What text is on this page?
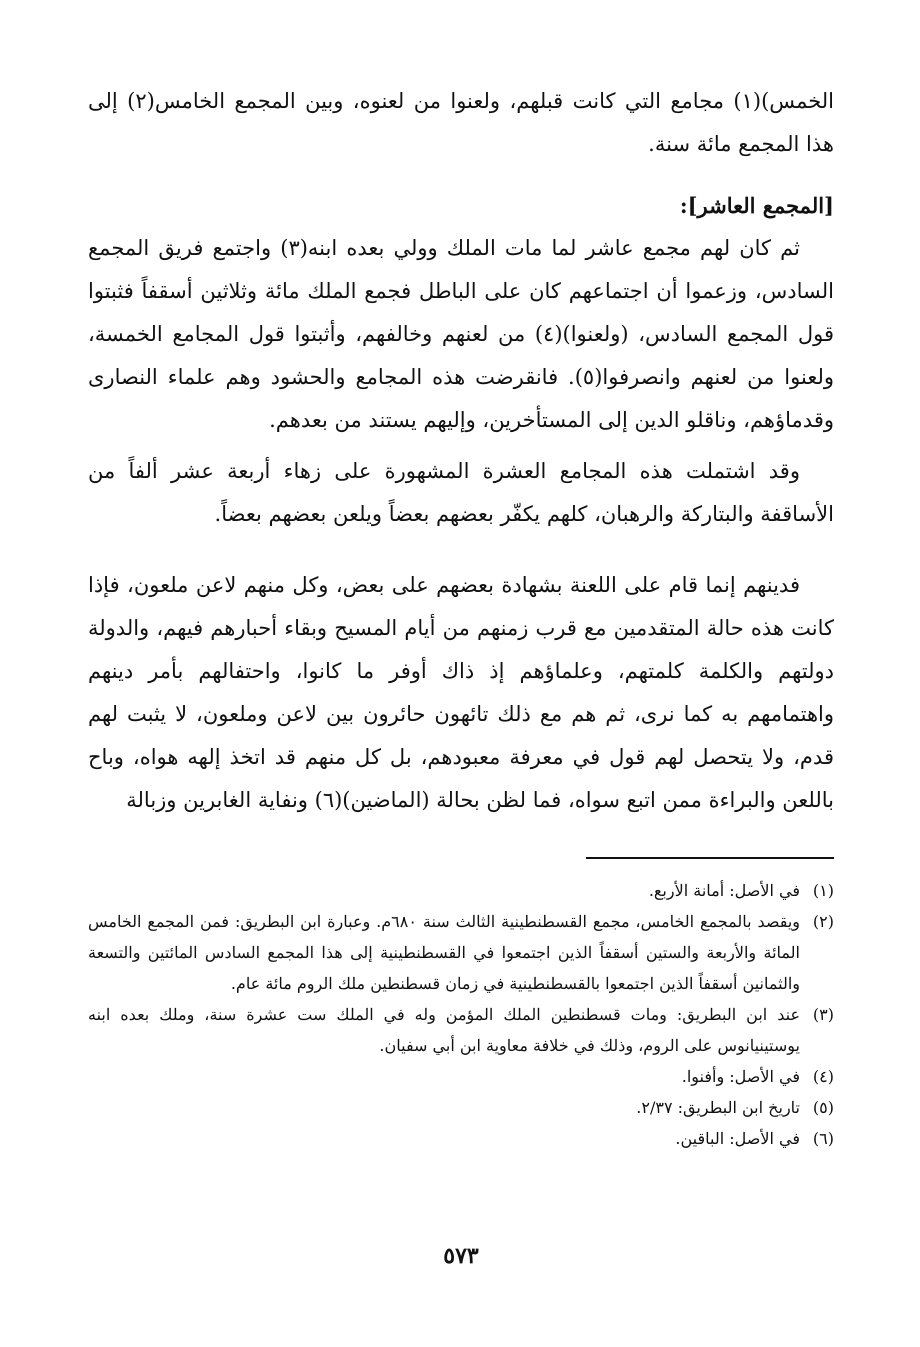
الخمس)(١) مجامع التي كانت قبلهم، ولعنوا من لعنوه، وبين المجمع الخامس(٢) إلى هذا المجمع مائة سنة.

[المجمع العاشر]:

ثم كان لهم مجمع عاشر لما مات الملك وولي بعده ابنه(٣) واجتمع فريق المجمع السادس، وزعموا أن اجتماعهم كان على الباطل فجمع الملك مائة وثلاثين أسقفاً فثبتوا قول المجمع السادس، (ولعنوا)(٤) من لعنهم وخالفهم، وأثبتوا قول المجامع الخمسة، ولعنوا من لعنهم وانصرفوا(٥). فانقرضت هذه المجامع والحشود وهم علماء النصارى وقدماؤهم، وناقلو الدين إلى المستأخرين، وإليهم يستند من بعدهم.

وقد اشتملت هذه المجامع العشرة المشهورة على زهاء أربعة عشر ألفاً من الأساقفة والبتاركة والرهبان، كلهم يكفّر بعضهم بعضاً ويلعن بعضهم بعضاً.

فدينهم إنما قام على اللعنة بشهادة بعضهم على بعض، وكل منهم لاعن ملعون، فإذا كانت هذه حالة المتقدمين مع قرب زمنهم من أيام المسيح وبقاء أحبارهم فيهم، والدولة دولتهم والكلمة كلمتهم، وعلماؤهم إذ ذاك أوفر ما كانوا، واحتفالهم بأمر دينهم واهتمامهم به كما نرى، ثم هم مع ذلك تائهون حائرون بين لاعن وملعون، لا يثبت لهم قدم، ولا يتحصل لهم قول في معرفة معبودهم، بل كل منهم قد اتخذ إلهه هواه، وباح باللعن والبراءة ممن اتبع سواه، فما لظن بحالة (الماضين)(٦) ونفاية الغابرين وزبالة

(١)
في الأصل: أمانة الأربع.
(٢)
ويقصد بالمجمع الخامس، مجمع القسطنطينية الثالث سنة ٦٨٠م. وعبارة ابن البطريق: فمن المجمع الخامس المائة والأربعة والستين أسقفاً الذين اجتمعوا في القسطنطينية إلى هذا المجمع السادس المائتين والتسعة والثمانين أسقفاً الذين اجتمعوا بالقسطنطينية في زمان قسطنطين ملك الروم مائة عام.
(٣)
عند ابن البطريق: ومات قسطنطين الملك المؤمن وله في الملك ست عشرة سنة، وملك بعده ابنه يوستينيانوس على الروم، وذلك في خلافة معاوية ابن أبي سفيان.
(٤)
في الأصل: وأفنوا.
(٥)
تاريخ ابن البطريق: ٢/٣٧.
(٦)
في الأصل: الباقين.
٥٧٣
